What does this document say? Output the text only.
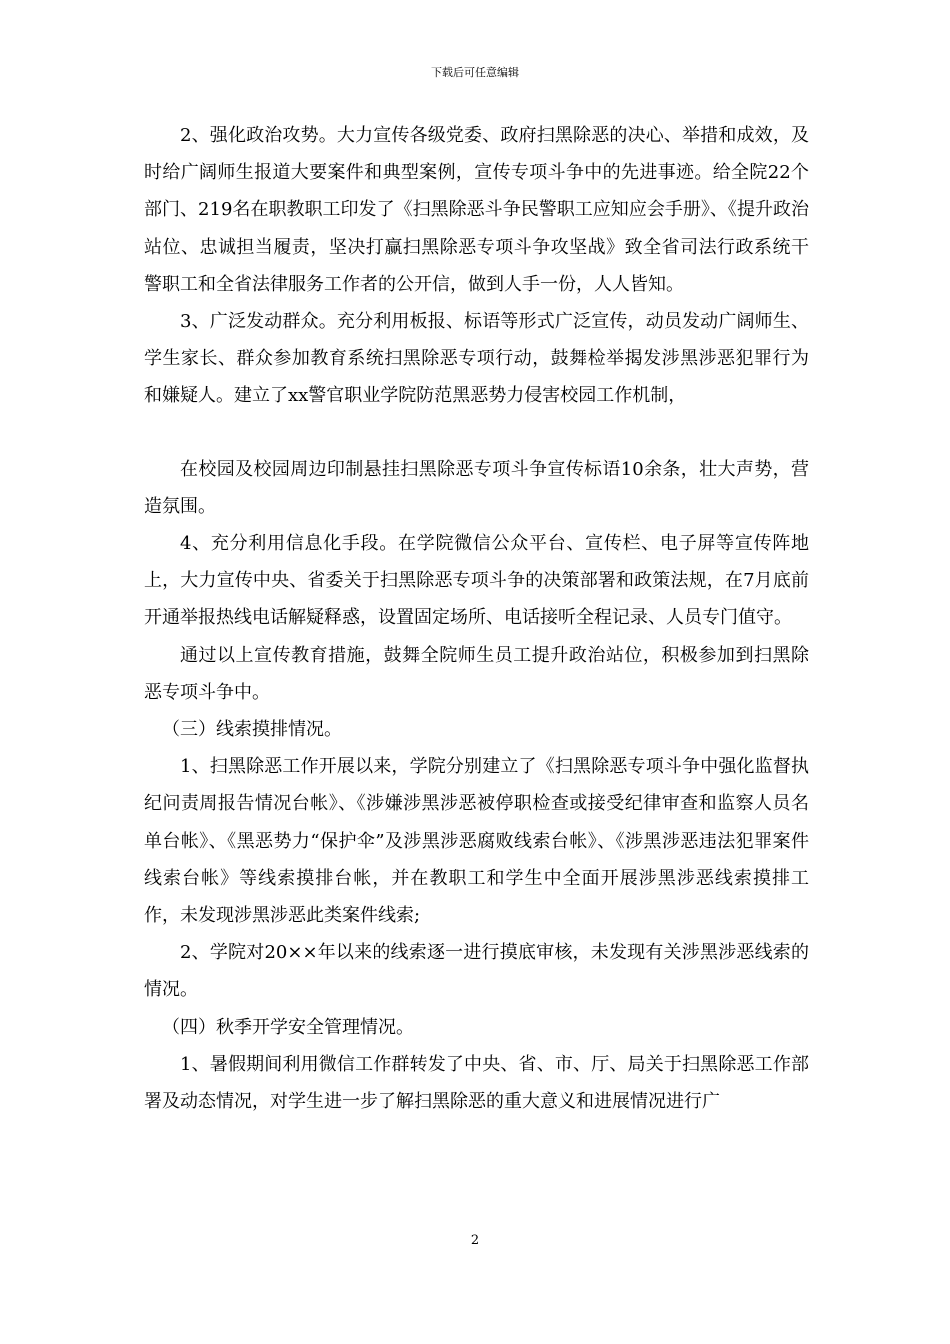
下载后可任意编辑

2、强化政治攻势。大力宣传各级党委、政府扫黑除恶的决心、举措和成效，及时给广阔师生报道大要案件和典型案例，宣传专项斗争中的先进事迹。给全院22个部门、219名在职教职工印发了《扫黑除恶斗争民警职工应知应会手册》、《提升政治站位、忠诚担当履责，坚决打赢扫黑除恶专项斗争攻坚战》致全省司法行政系统干警职工和全省法律服务工作者的公开信，做到人手一份，人人皆知。

3、广泛发动群众。充分利用板报、标语等形式广泛宣传，动员发动广阔师生、学生家长、群众参加教育系统扫黑除恶专项行动，鼓舞检举揭发涉黑涉恶犯罪行为和嫌疑人。建立了xx警官职业学院防范黑恶势力侵害校园工作机制，

在校园及校园周边印制悬挂扫黑除恶专项斗争宣传标语10余条，壮大声势，营造氛围。

4、充分利用信息化手段。在学院微信公众平台、宣传栏、电子屏等宣传阵地上，大力宣传中央、省委关于扫黑除恶专项斗争的决策部署和政策法规，在7月底前开通举报热线电话解疑释惑，设置固定场所、电话接听全程记录、人员专门值守。

通过以上宣传教育措施，鼓舞全院师生员工提升政治站位，积极参加到扫黑除恶专项斗争中。

（三）线索摸排情况。

1、扫黑除恶工作开展以来，学院分别建立了《扫黑除恶专项斗争中强化监督执纪问责周报告情况台帐》、《涉嫌涉黑涉恶被停职检查或接受纪律审查和监察人员名单台帐》、《黑恶势力“保护伞”及涉黑涉恶腐败线索台帐》、《涉黑涉恶违法犯罪案件线索台帐》等线索摸排台帐，并在教职工和学生中全面开展涉黑涉恶线索摸排工作，未发现涉黑涉恶此类案件线索;

2、学院对20××年以来的线索逐一进行摸底审核，未发现有关涉黑涉恶线索的情况。

（四）秋季开学安全管理情况。

1、暑假期间利用微信工作群转发了中央、省、市、厅、局关于扫黑除恶工作部署及动态情况，对学生进一步了解扫黑除恶的重大意义和进展情况进行广

2
